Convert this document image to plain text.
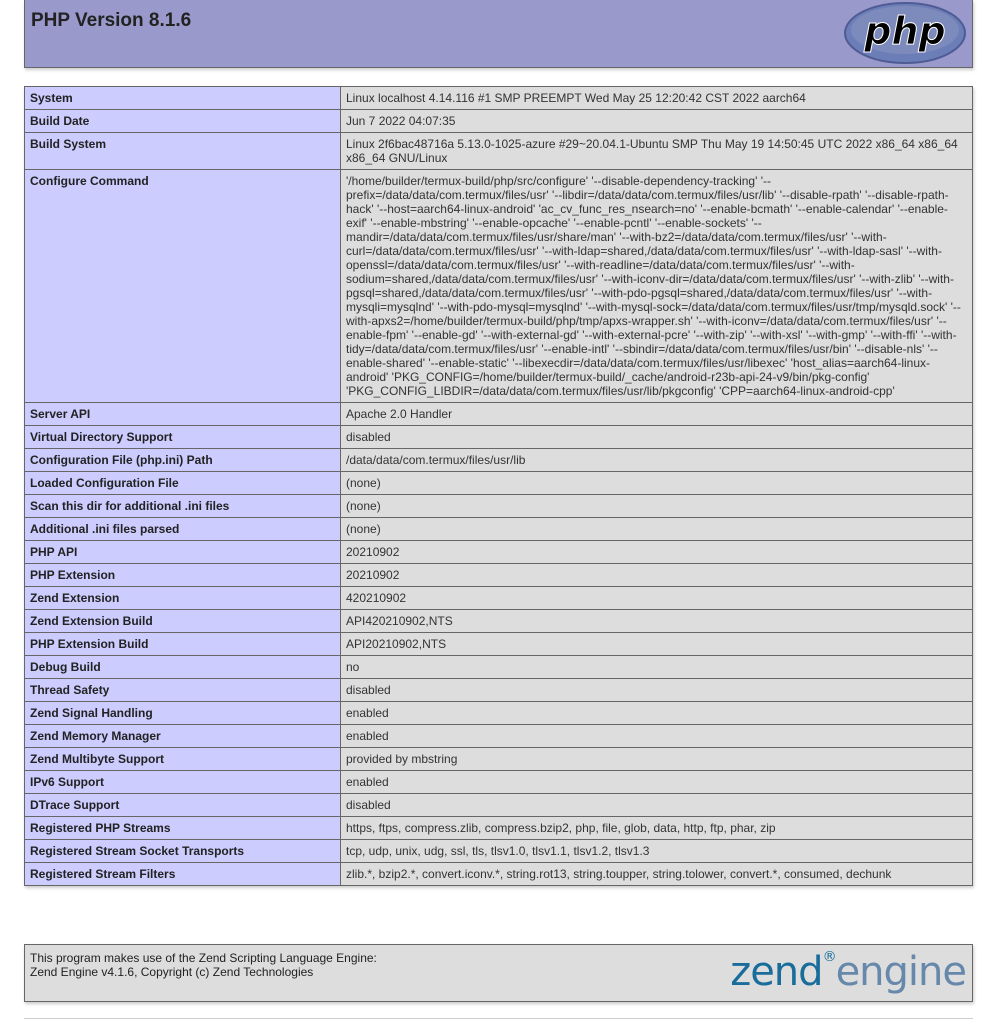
PHP Version 8.1.6	php
System	Linux localhost 4.14.116 #1 SMP PREEMPT Wed May 25 12:20:42 CST 2022 aarch64
Build Date	Jun 7 2022 04:07:35
Build System	Linux 2f6bac48716a 5.13.0-1025-azure #29~20.04.1-Ubuntu SMP Thu May 19 14:50:45 UTC 2022 x86_64 x86_64 x86_64 GNU/Linux
Configure Command	'/home/builder/termux-build/php/src/configure' '--disable-dependency-tracking' '--prefix=/data/data/com.termux/files/usr' '--libdir=/data/data/com.termux/files/usr/lib' '--disable-rpath' '--disable-rpath-hack' '--host=aarch64-linux-android' 'ac_cv_func_res_nsearch=no' '--enable-bcmath' '--enable-calendar' '--enable-exif' '--enable-mbstring' '--enable-opcache' '--enable-pcntl' '--enable-sockets' '--mandir=/data/data/com.termux/files/usr/share/man' '--with-bz2=/data/data/com.termux/files/usr' '--with-curl=/data/data/com.termux/files/usr' '--with-ldap=shared,/data/data/com.termux/files/usr' '--with-ldap-sasl' '--with-openssl=/data/data/com.termux/files/usr' '--with-readline=/data/data/com.termux/files/usr' '--with-sodium=shared,/data/data/com.termux/files/usr' '--with-iconv-dir=/data/data/com.termux/files/usr' '--with-zlib' '--with-pgsql=shared,/data/data/com.termux/files/usr' '--with-pdo-pgsql=shared,/data/data/com.termux/files/usr' '--with-mysqli=mysqlnd' '--with-pdo-mysql=mysqlnd' '--with-mysql-sock=/data/data/com.termux/files/usr/tmp/mysqld.sock' '--with-apxs2=/home/builder/termux-build/php/tmp/apxs-wrapper.sh' '--with-iconv=/data/data/com.termux/files/usr' '--enable-fpm' '--enable-gd' '--with-external-gd' '--with-external-pcre' '--with-zip' '--with-xsl' '--with-gmp' '--with-ffi' '--with-tidy=/data/data/com.termux/files/usr' '--enable-intl' '--sbindir=/data/data/com.termux/files/usr/bin' '--disable-nls' '--enable-shared' '--enable-static' '--libexecdir=/data/data/com.termux/files/usr/libexec' 'host_alias=aarch64-linux-android' 'PKG_CONFIG=/home/builder/termux-build/_cache/android-r23b-api-24-v9/bin/pkg-config' 'PKG_CONFIG_LIBDIR=/data/data/com.termux/files/usr/lib/pkgconfig' 'CPP=aarch64-linux-android-cpp'
Server API	Apache 2.0 Handler
Virtual Directory Support	disabled
Configuration File (php.ini) Path	/data/data/com.termux/files/usr/lib
Loaded Configuration File	(none)
Scan this dir for additional .ini files	(none)
Additional .ini files parsed	(none)
PHP API	20210902
PHP Extension	20210902
Zend Extension	420210902
Zend Extension Build	API420210902,NTS
PHP Extension Build	API20210902,NTS
Debug Build	no
Thread Safety	disabled
Zend Signal Handling	enabled
Zend Memory Manager	enabled
Zend Multibyte Support	provided by mbstring
IPv6 Support	enabled
DTrace Support	disabled
Registered PHP Streams	https, ftps, compress.zlib, compress.bzip2, php, file, glob, data, http, ftp, phar, zip
Registered Stream Socket Transports	tcp, udp, unix, udg, ssl, tls, tlsv1.0, tlsv1.1, tlsv1.2, tlsv1.3
Registered Stream Filters	zlib.*, bzip2.*, convert.iconv.*, string.rot13, string.toupper, string.tolower, convert.*, consumed, dechunk
This program makes use of the Zend Scripting Language Engine:
Zend Engine v4.1.6, Copyright (c) Zend Technologies	zend®engine
